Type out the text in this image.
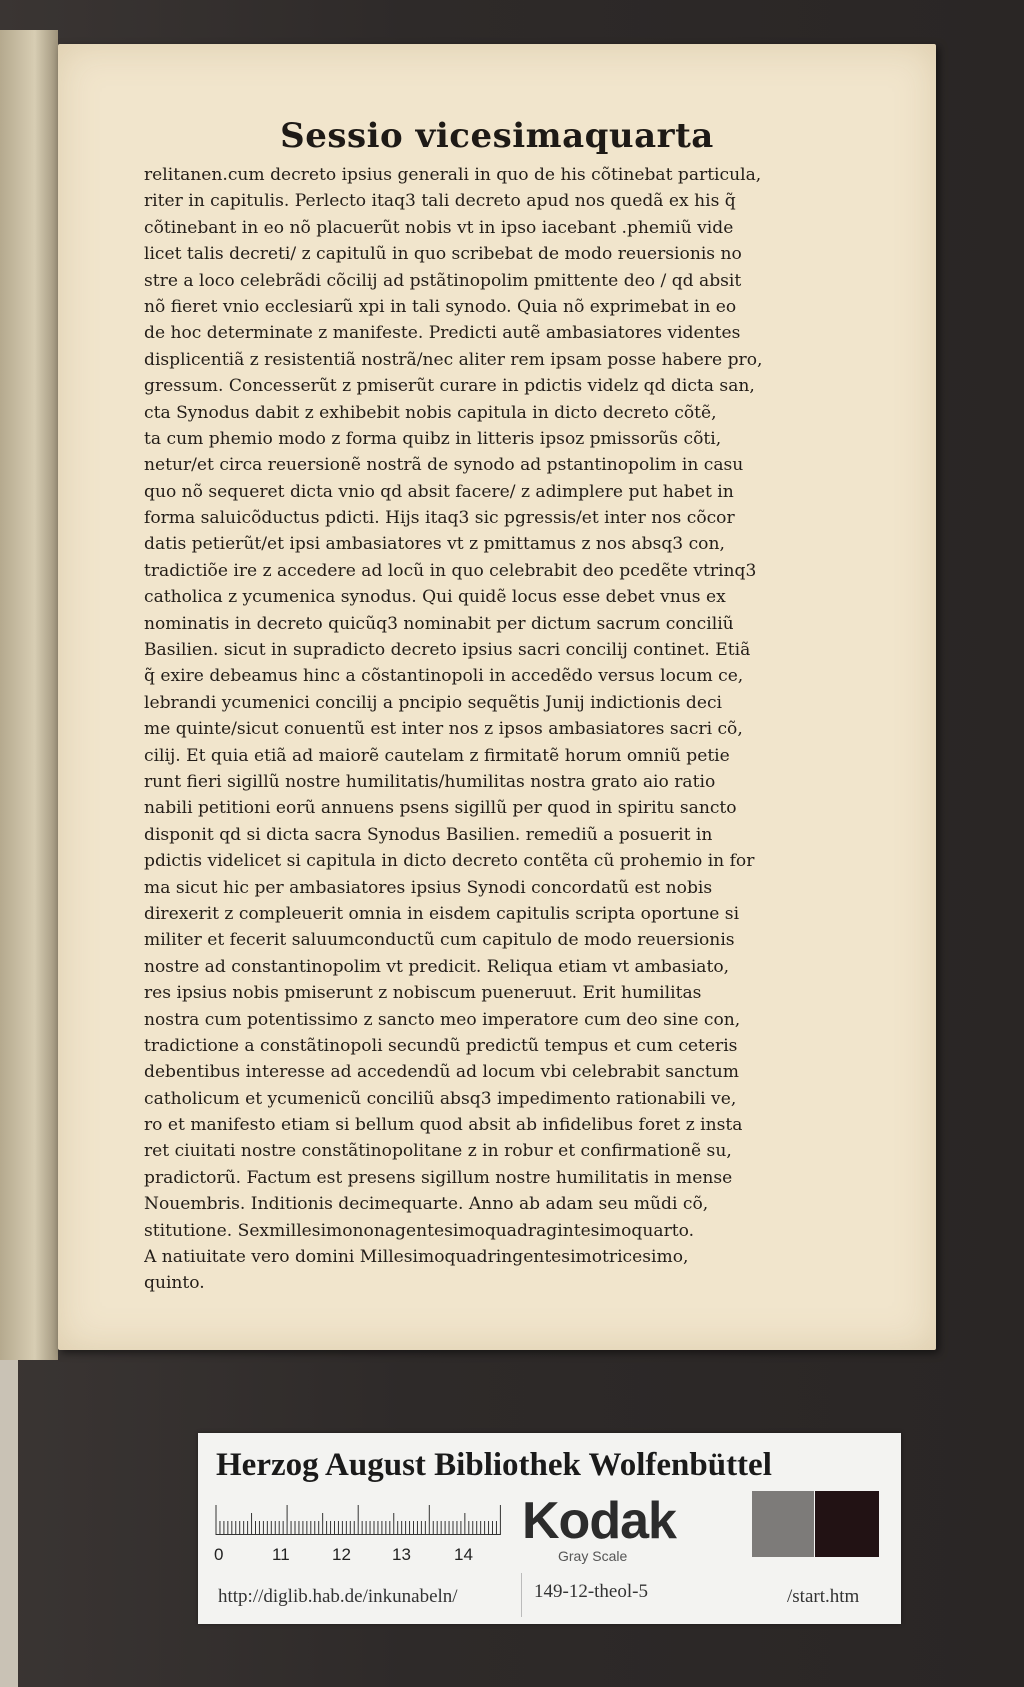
Sessio vicesimaquarta
relitanen.cum decreto ipsius generali in quo de his cõtinebat particula,
riter in capitulis. Perlecto itaq3 tali decreto apud nos quedã ex his q̃
cõtinebant in eo nõ placuerũt nobis vt in ipso iacebant .phemiũ vide
licet talis decreti/ z capitulũ in quo scribebat de modo reuersionis no
stre a loco celebrãdi cõcilij ad pstãtinopolim pmittente deo / qd absit
nõ fieret vnio ecclesiarũ xpi in tali synodo. Quia nõ exprimebat in eo
de hoc determinate z manifeste. Predicti autẽ ambasiatores videntes
displicentiã z resistentiã nostrã/nec aliter rem ipsam posse habere pro,
gressum. Concesserũt z pmiserũt curare in pdictis videlz qd dicta san,
cta Synodus dabit z exhibebit nobis capitula in dicto decreto cõtẽ,
ta cum phemio modo z forma quibz in litteris ipsoz pmissorũs cõti,
netur/et circa reuersionẽ nostrã de synodo ad pstantinopolim in casu
quo nõ sequeret dicta vnio qd absit facere/ z adimplere put habet in
forma saluicõductus pdicti. Hijs itaq3 sic pgressis/et inter nos cõcor
datis petierũt/et ipsi ambasiatores vt z pmittamus z nos absq3 con,
tradictiõe ire z accedere ad locũ in quo celebrabit deo pcedẽte vtrinq3
catholica z ycumenica synodus. Qui quidẽ locus esse debet vnus ex
nominatis in decreto quicũq3 nominabit per dictum sacrum conciliũ
Basilien. sicut in supradicto decreto ipsius sacri concilij continet. Etiã
q̃ exire debeamus hinc a cõstantinopoli in accedẽdo versus locum ce,
lebrandi ycumenici concilij a pncipio sequẽtis Junij indictionis deci
me quinte/sicut conuentũ est inter nos z ipsos ambasiatores sacri cõ,
cilij. Et quia etiã ad maiorẽ cautelam z firmitatẽ horum omniũ petie
runt fieri sigillũ nostre humilitatis/humilitas nostra grato aio ratio
nabili petitioni eorũ annuens psens sigillũ per quod in spiritu sancto
disponit qd si dicta sacra Synodus Basilien. remediũ a posuerit in
pdictis videlicet si capitula in dicto decreto contẽta cũ prohemio in for
ma sicut hic per ambasiatores ipsius Synodi concordatũ est nobis
direxerit z compleuerit omnia in eisdem capitulis scripta oportune si
militer et fecerit saluumconductũ cum capitulo de modo reuersionis
nostre ad constantinopolim vt predicit. Reliqua etiam vt ambasiato,
res ipsius nobis pmiserunt z nobiscum pueneruut. Erit humilitas
nostra cum potentissimo z sancto meo imperatore cum deo sine con,
tradictione a constãtinopoli secundũ predictũ tempus et cum ceteris
debentibus interesse ad accedendũ ad locum vbi celebrabit sanctum
catholicum et ycumenicũ conciliũ absq3 impedimento rationabili ve,
ro et manifesto etiam si bellum quod absit ab infidelibus foret z insta
ret ciuitati nostre constãtinopolitane z in robur et confirmationẽ su,
pradictorũ. Factum est presens sigillum nostre humilitatis in mense
Nouembris. Inditionis decimequarte. Anno ab adam seu mũdi cõ,
stitutione. Sexmillesimononagentesimoquadragintesimoquarto.
A natiuitate vero domini Millesimoquadringentesimotricesimo,
quinto.
Herzog August Bibliothek Wolfenbüttel
0	11 12 13	14
Kodak
Gray Scale
http://diglib.hab.de/inkunabeln/	149-12-theol-5	/start.htm
